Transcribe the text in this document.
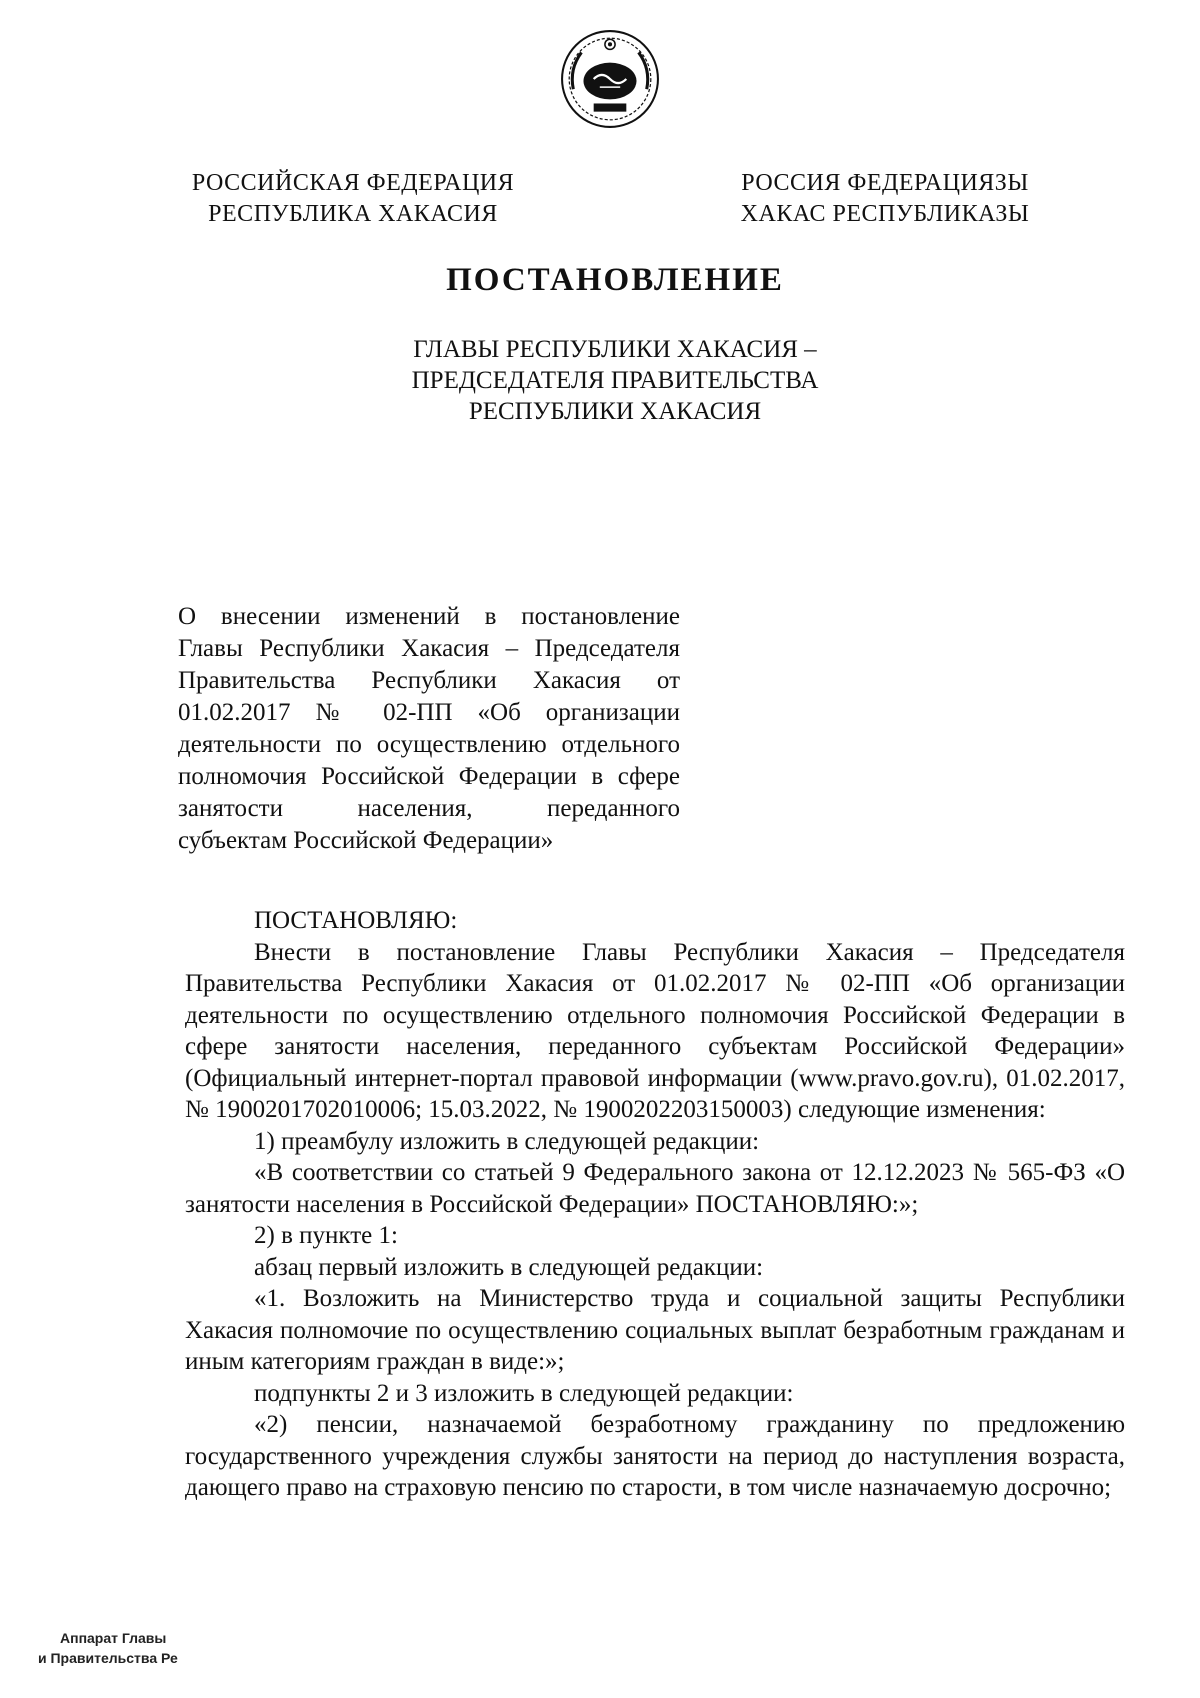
РОССИЙСКАЯ ФЕДЕРАЦИЯ
РЕСПУБЛИКА ХАКАСИЯ
РОССИЯ ФЕДЕРАЦИЯЗЫ
ХАКАС РЕСПУБЛИКАЗЫ
ПОСТАНОВЛЕНИЕ
ГЛАВЫ РЕСПУБЛИКИ ХАКАСИЯ –
ПРЕДСЕДАТЕЛЯ ПРАВИТЕЛЬСТВА
РЕСПУБЛИКИ ХАКАСИЯ
О внесении изменений в постановление
Главы Республики Хакасия – Председателя
Правительства Республики Хакасия от
01.02.2017 № 02-ПП «Об организации
деятельности по осуществлению отдельного
полномочия Российской Федерации в сфере
занятости населения, переданного
субъектам Российской Федерации»

ПОСТАНОВЛЯЮ:

Внести в постановление Главы Республики Хакасия – Председателя Правительства Республики Хакасия от 01.02.2017 № 02-ПП «Об организации деятельности по осуществлению отдельного полномочия Российской Федерации в сфере занятости населения, переданного субъектам Российской Федерации» (Официальный интернет-портал правовой информации (www.pravo.gov.ru), 01.02.2017, № 1900201702010006; 15.03.2022, № 1900202203150003) следующие изменения:

1) преамбулу изложить в следующей редакции:

«В соответствии со статьей 9 Федерального закона от 12.12.2023 № 565-ФЗ «О занятости населения в Российской Федерации» ПОСТАНОВЛЯЮ:»;

2) в пункте 1:

абзац первый изложить в следующей редакции:

«1. Возложить на Министерство труда и социальной защиты Республики Хакасия полномочие по осуществлению социальных выплат безработным гражданам и иным категориям граждан в виде:»;

подпункты 2 и 3 изложить в следующей редакции:

«2) пенсии, назначаемой безработному гражданину по предложению государственного учреждения службы занятости на период до наступления возраста, дающего право на страховую пенсию по старости, в том числе назначаемую досрочно;

Аппарат Главы
и Правительства Ре
